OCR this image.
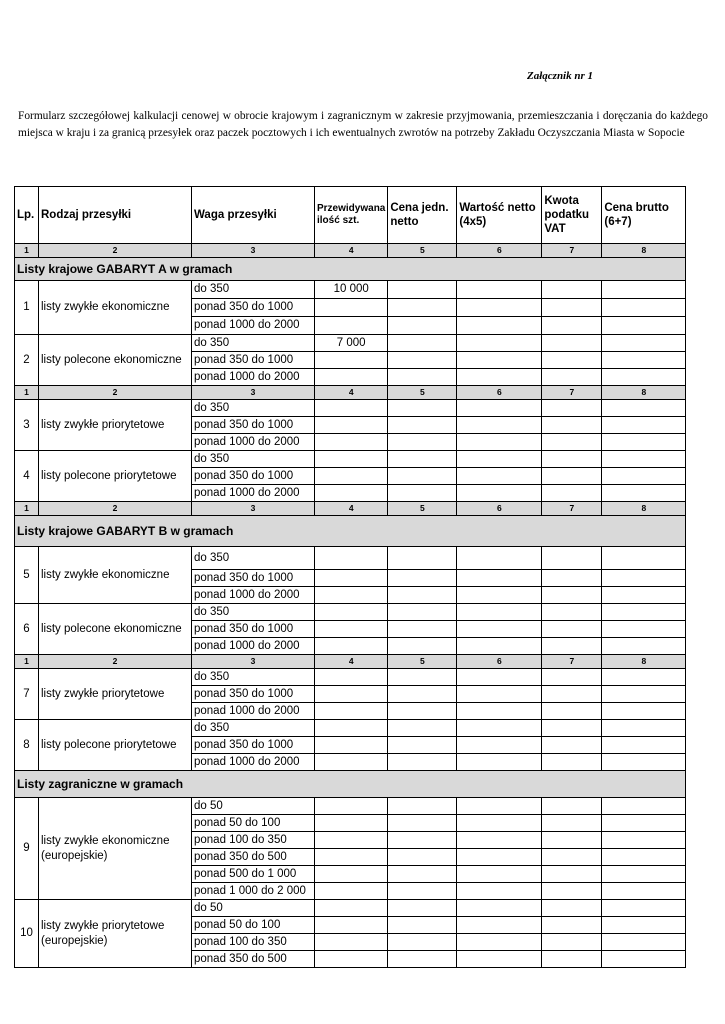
Załącznik nr 1
Formularz szczegółowej kalkulacji cenowej w obrocie krajowym i zagranicznym w zakresie przyjmowania, przemieszczania i doręczania do każdego miejsca w kraju i za granicą przesyłek oraz paczek pocztowych i ich ewentualnych zwrotów na potrzeby Zakładu Oczyszczania Miasta w Sopocie
Lp.	Rodzaj przesyłki	Waga przesyłki	Przewidywana ilość szt.	Cena jedn. netto	Wartość netto (4x5)	Kwota podatku VAT	Cena brutto (6+7)
1	2	3	4	5	6	7	8
Listy krajowe GABARYT A w gramach							
1	listy zwykłe ekonomiczne	do 350	10 000				
		ponad 350 do 1000					
		ponad 1000 do 2000					
2	listy polecone ekonomiczne	do 350	7 000				
		ponad 350 do 1000					
		ponad 1000 do 2000					
1	2	3	4	5	6	7	8
3	listy zwykłe priorytetowe	do 350					
		ponad 350 do 1000					
		ponad 1000 do 2000					
4	listy polecone priorytetowe	do 350					
		ponad 350 do 1000					
		ponad 1000 do 2000					
1	2	3	4	5	6	7	8
Listy krajowe GABARYT B w gramach							
5	listy zwykłe ekonomiczne	do 350					
		ponad 350 do 1000					
		ponad 1000 do 2000					
6	listy polecone ekonomiczne	do 350					
		ponad 350 do 1000					
		ponad 1000 do 2000					
1	2	3	4	5	6	7	8
7	listy zwykłe priorytetowe	do 350					
		ponad 350 do 1000					
		ponad 1000 do 2000					
8	listy polecone priorytetowe	do 350					
		ponad 350 do 1000					
		ponad 1000 do 2000					
Listy zagraniczne w gramach							
9	listy zwykłe ekonomiczne (europejskie)	do 50					
		ponad 50 do 100					
		ponad 100 do 350					
		ponad 350 do 500					
		ponad 500 do 1 000					
		ponad 1 000 do 2 000					
10	listy zwykłe priorytetowe (europejskie)	do 50					
		ponad 50 do 100					
		ponad 100 do 350					
		ponad 350 do 500					
